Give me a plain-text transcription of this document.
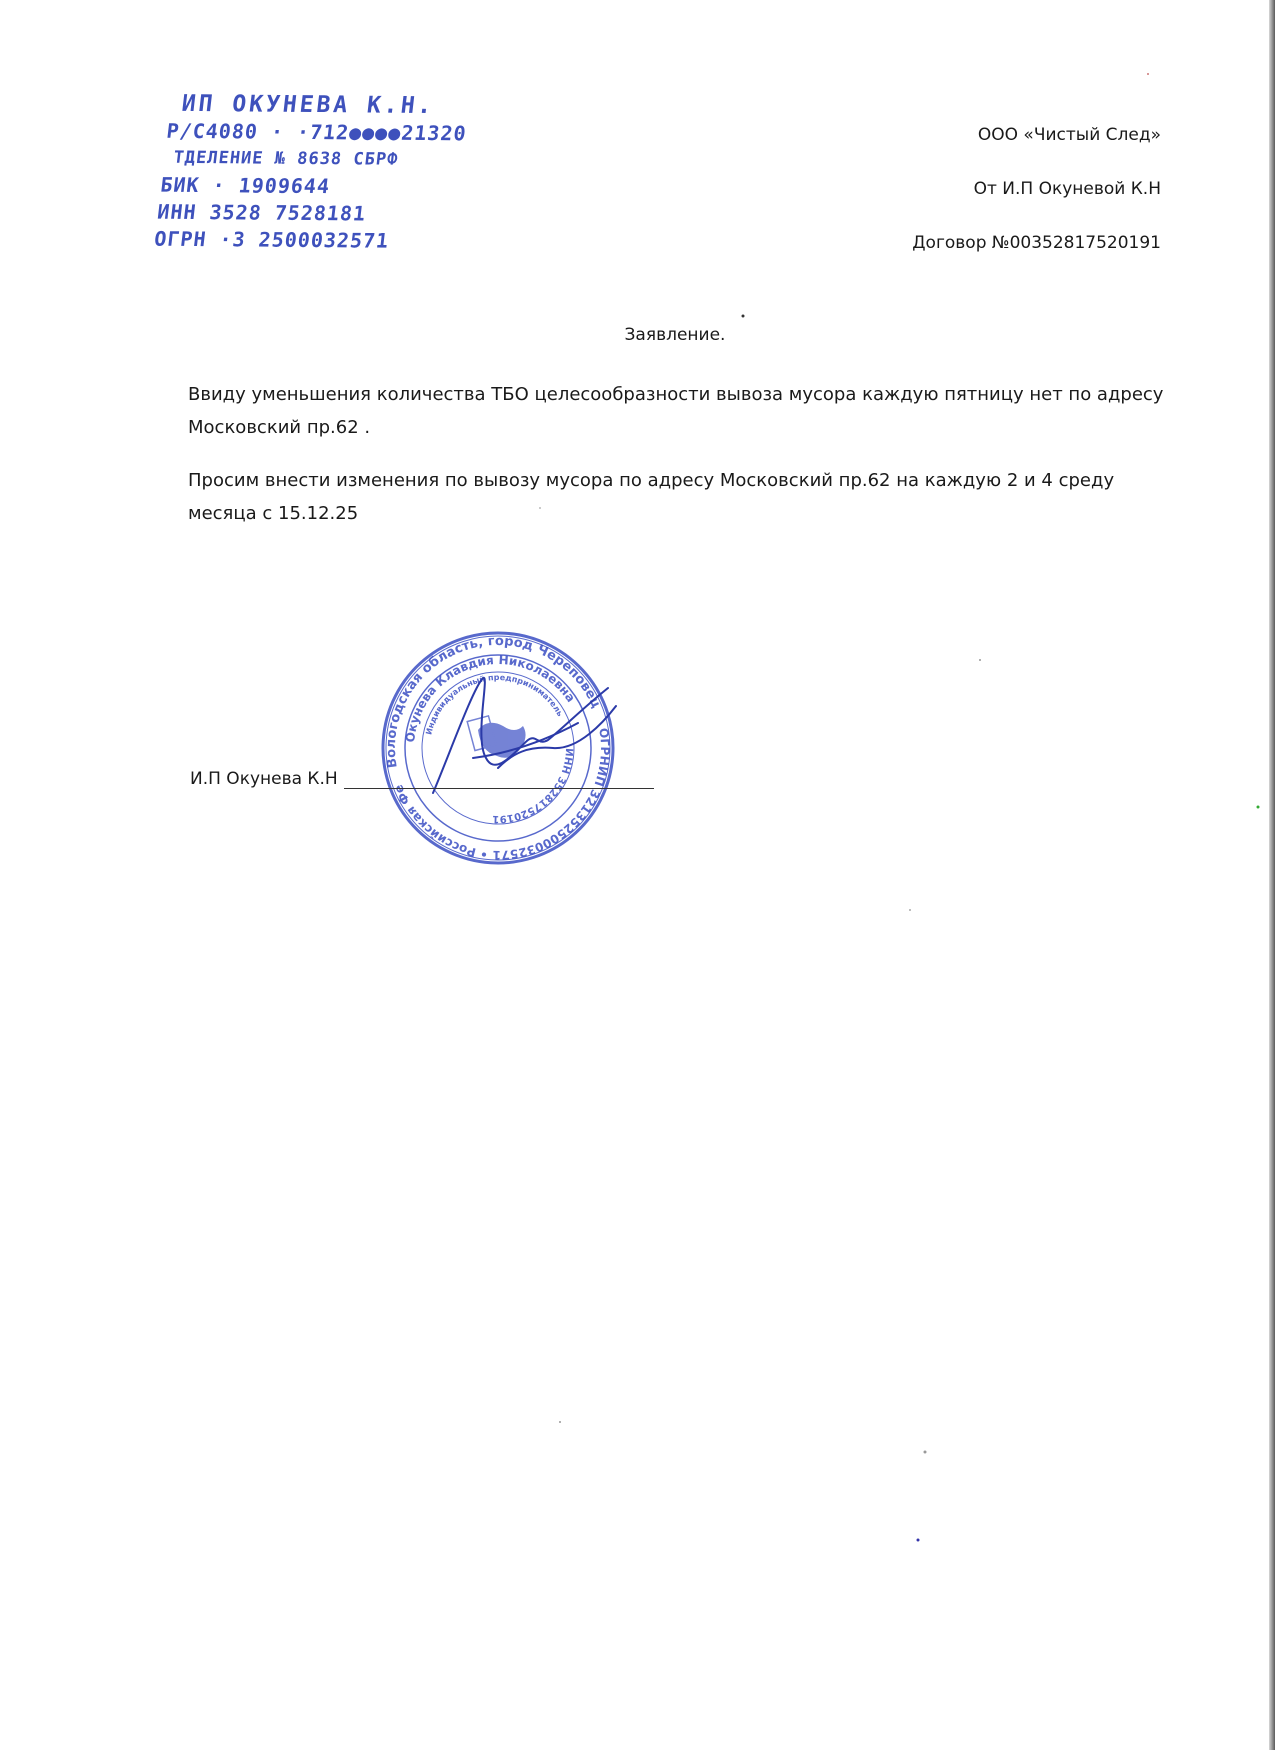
ИП ОКУНЕВА К.Н.
Р/С4080 · ·712●●●●21320
ТДЕЛЕНИЕ № 8638 СБРФ
БИК · 1909644
ИНН 3528 7528181
ОГРН ·3 2500032571
ООО «Чистый След»
От И.П Окуневой К.Н
Договор №00352817520191
Заявление.

Ввиду уменьшения количества ТБО целесообразности вывоза мусора каждую пятницу нет по адресу Московский пр.62 .

Просим внести изменения по вывозу мусора по адресу Московский пр.62 на каждую 2 и 4 среду месяца с 15.12.25

Вологодская область, город Череповец
ОГРНИП 321352500032571 • Российская Федерация
Окунева Клавдия Николаевна
Индивидуальный предприниматель
ИНН 352817520191
И.П Окунева К.Н
